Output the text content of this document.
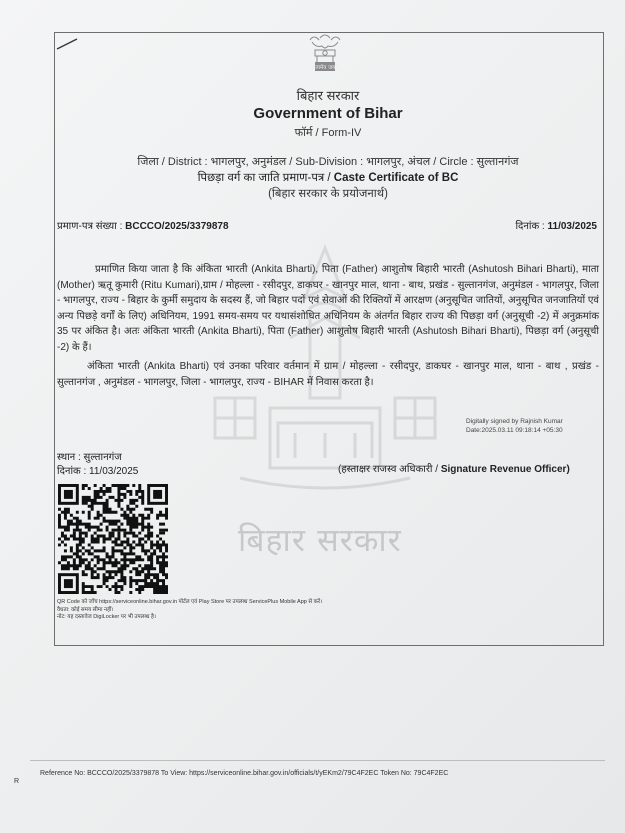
सत्यमेव जयते
बिहार सरकार
Government of Bihar
फॉर्म / Form-IV
जिला / District : भागलपुर, अनुमंडल / Sub-Division : भागलपुर, अंचल / Circle : सुल्तानगंज
पिछड़ा वर्ग का जाति प्रमाण-पत्र / Caste Certificate of BC
(बिहार सरकार के प्रयोजनार्थ)
प्रमाण-पत्र संख्या : BCCCO/2025/3379878	दिनांक : 11/03/2025
बिहार सरकार
प्रमाणित किया जाता है कि अंकिता भारती (Ankita Bharti), पिता (Father) आशुतोष बिहारी भारती (Ashutosh Bihari Bharti), माता (Mother) ऋतू कुमारी (Ritu Kumari),ग्राम / मोहल्ला - रसीदपुर, डाकघर - खानपुर माल, थाना - बाथ, प्रखंड - सुल्तानगंज, अनुमंडल - भागलपुर, जिला - भागलपुर, राज्य - बिहार के कुर्मी समुदाय के सदस्य हैं, जो बिहार पदों एवं सेवाओं की रिक्तियों में आरक्षण (अनुसूचित जातियों, अनुसूचित जनजातियों एवं अन्य पिछड़े वर्गों के लिए) अधिनियम, 1991 समय-समय पर यथासंशोधित अधिनियम के अंतर्गत बिहार राज्य की पिछड़ा वर्ग (अनुसूची -2) में अनुक्रमांक 35 पर अंकित है। अतः अंकिता भारती (Ankita Bharti), पिता (Father) आशुतोष बिहारी भारती (Ashutosh Bihari Bharti), पिछड़ा वर्ग (अनुसूची -2) के हैं।
अंकिता भारती (Ankita Bharti) एवं उनका परिवार वर्तमान में ग्राम / मोहल्ला - रसीदपुर, डाकघर - खानपुर माल, थाना - बाथ , प्रखंड - सुल्तानगंज , अनुमंडल - भागलपुर, जिला - भागलपुर, राज्य - BIHAR में निवास करता है।
Digitally signed by Rajnish Kumar
Date:2025.03.11 09:18:14 +05:30
स्थान : सुल्तानगंज
दिनांक : 11/03/2025	(हस्ताक्षर राजस्व अधिकारी / Signature Revenue Officer)
QR Code को जाँच https://serviceonline.bihar.gov.in पोर्टल एवं Play Store पर उपलब्ध ServicePlus Mobile App से करें।
वैधता: कोई समय सीमा नहीं।
नोट: यह दस्तावेज DigiLocker पर भी उपलब्ध है।
Reference No: BCCCO/2025/3379878 To View: https://serviceonline.bihar.gov.in/officials/t/yEKm2/79C4F2EC Token No: 79C4F2EC
R
